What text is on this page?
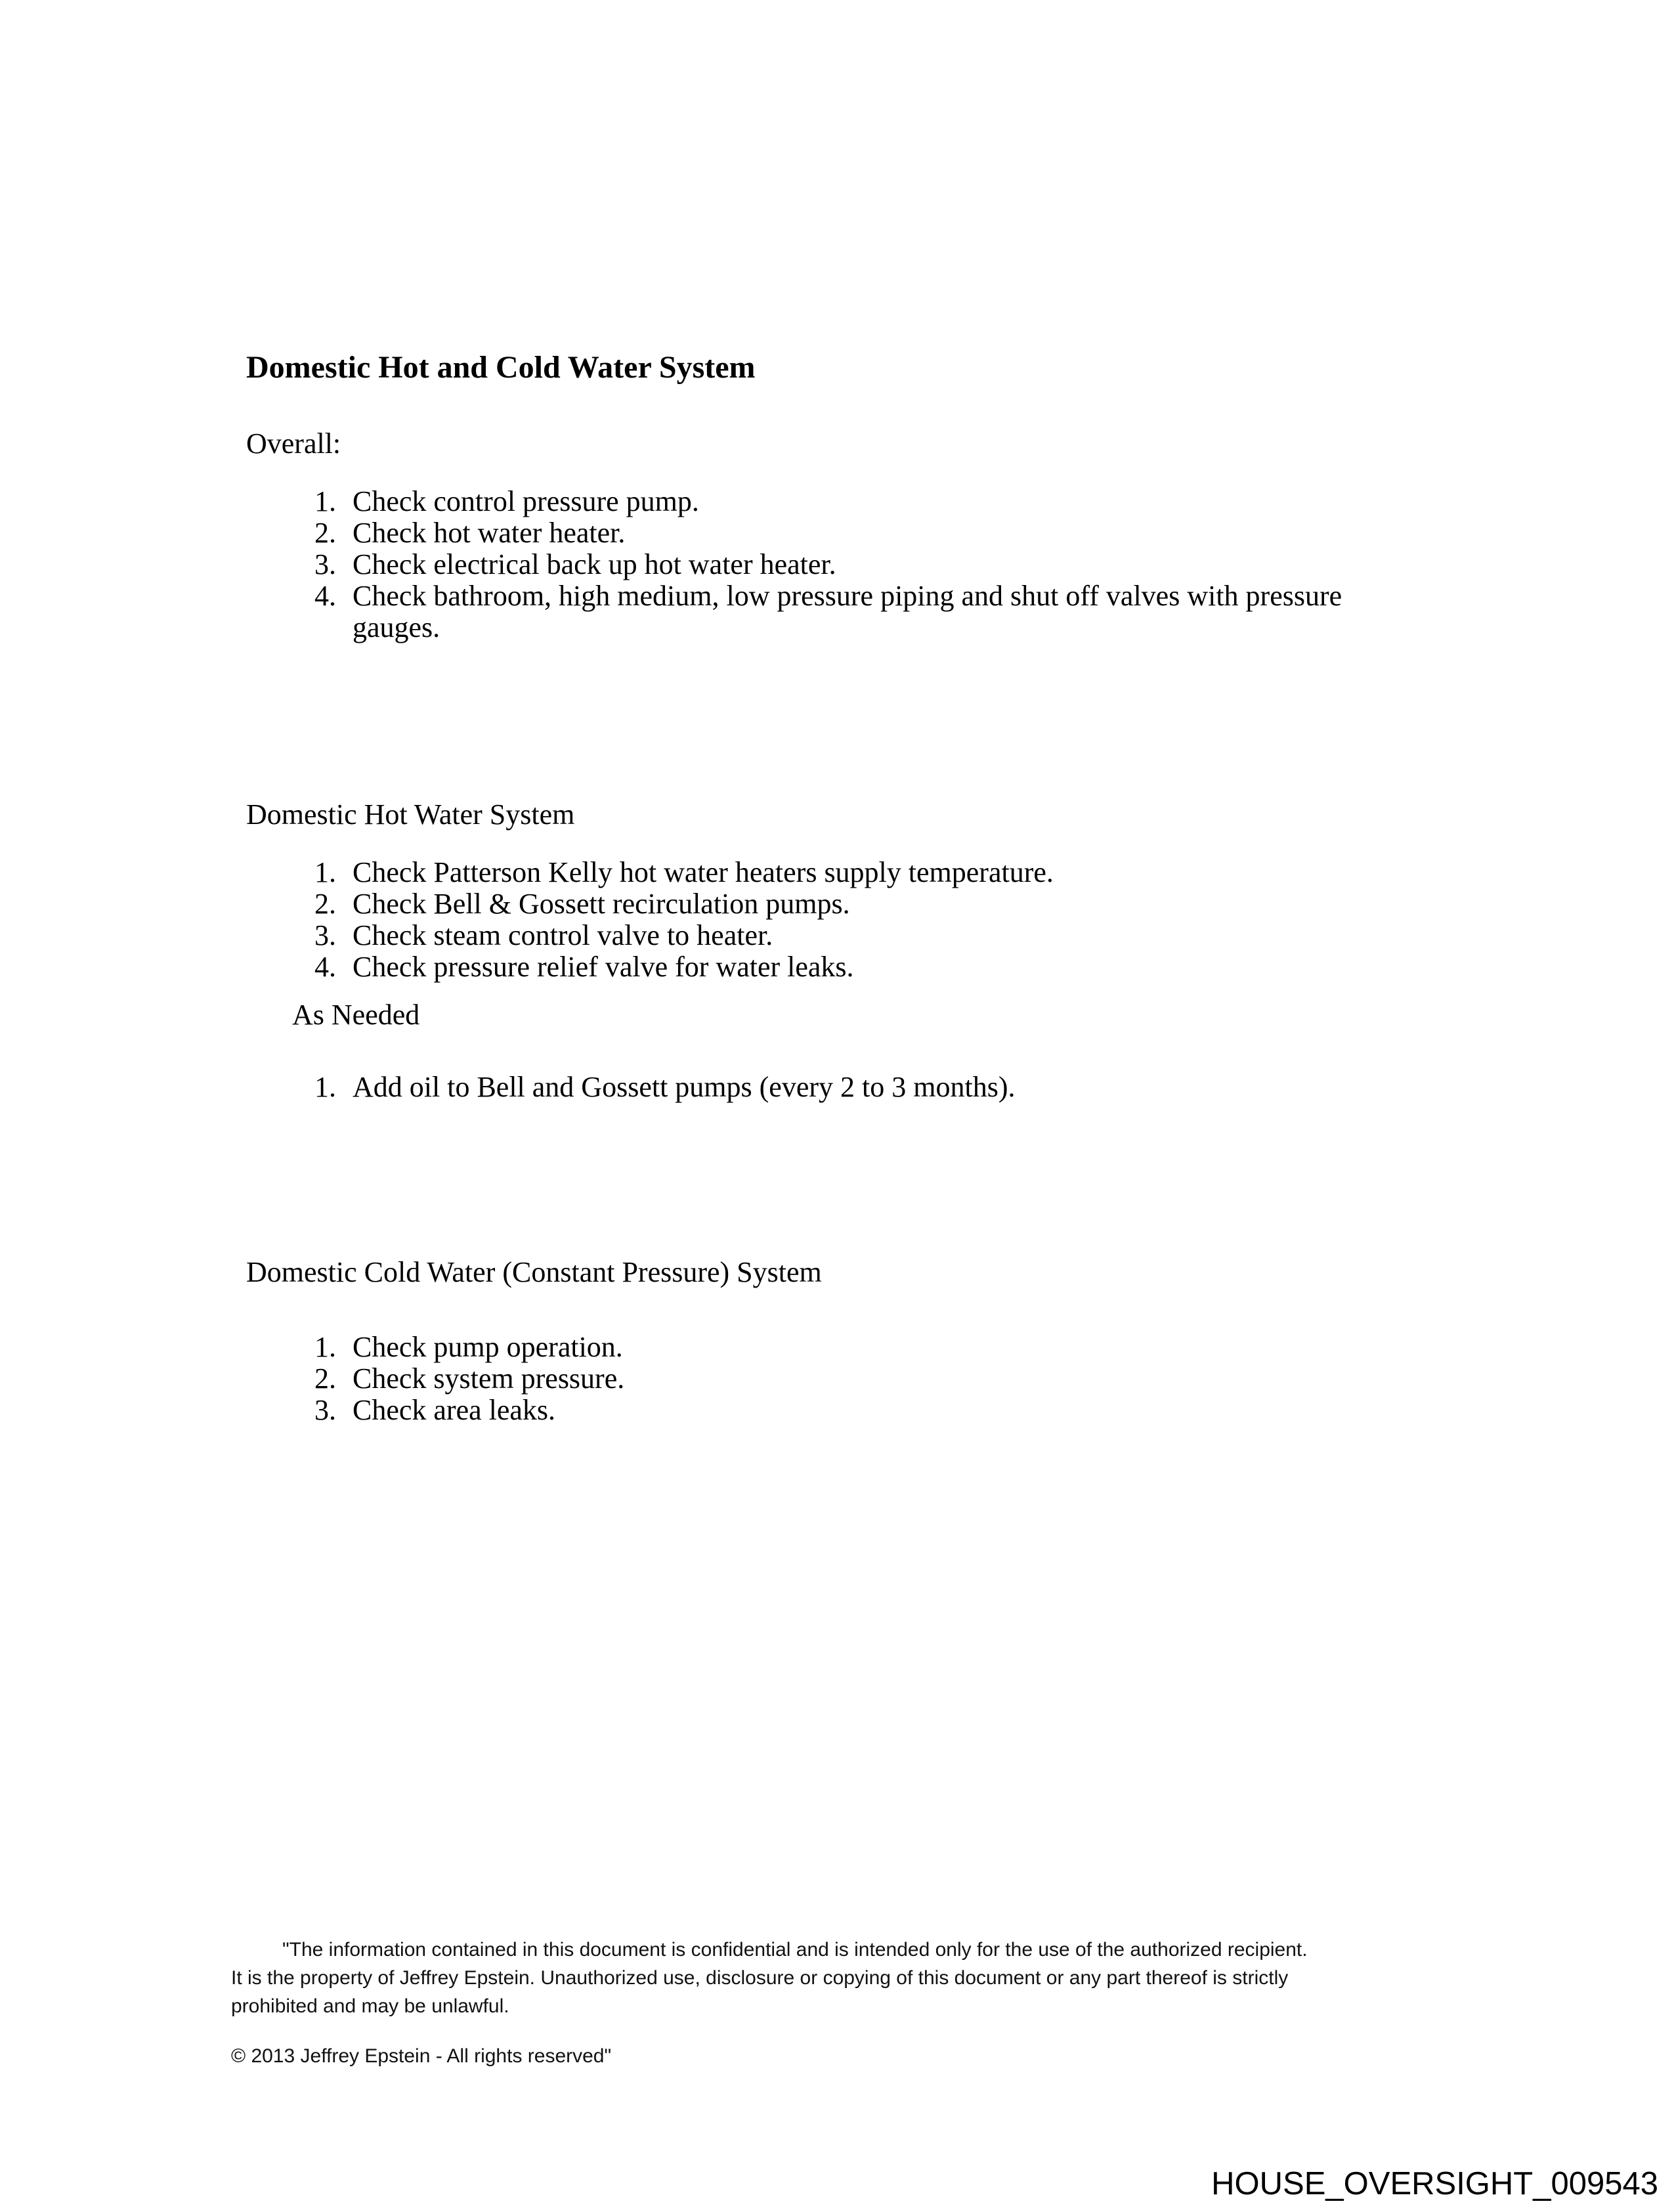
Domestic Hot and Cold Water System

Overall:

1. Check control pressure pump.
2. Check hot water heater.
3. Check electrical back up hot water heater.
4. Check bathroom, high medium, low pressure piping and shut off valves with pressure gauges.

Domestic Hot Water System

1. Check Patterson Kelly hot water heaters supply temperature.
2. Check Bell & Gossett recirculation pumps.
3. Check steam control valve to heater.
4. Check pressure relief valve for water leaks.

As Needed

1. Add oil to Bell and Gossett pumps (every 2 to 3 months).

Domestic Cold Water (Constant Pressure) System

1. Check pump operation.
2. Check system pressure.
3. Check area leaks.
"The information contained in this document is confidential and is intended only for the use of the authorized recipient.
It is the property of Jeffrey Epstein. Unauthorized use, disclosure or copying of this document or any part thereof is strictly
prohibited and may be unlawful.
© 2013 Jeffrey Epstein - All rights reserved"
HOUSE_OVERSIGHT_009543
